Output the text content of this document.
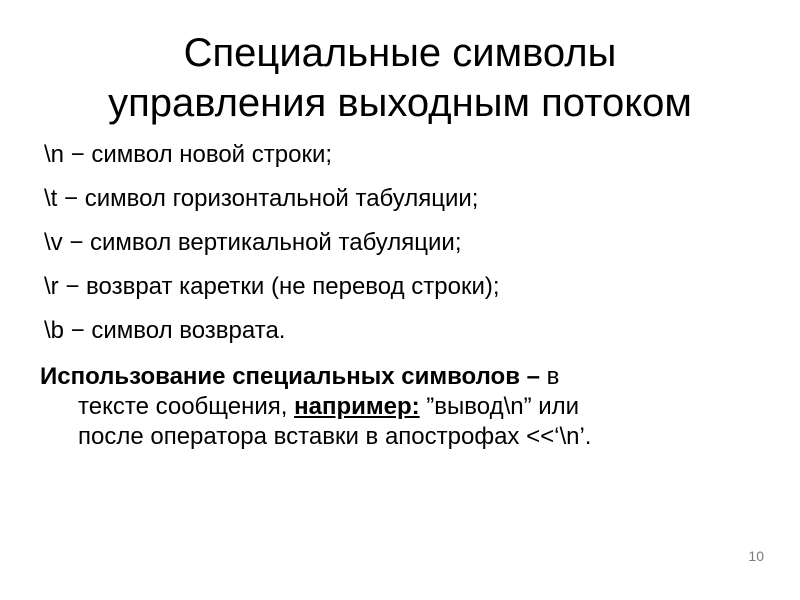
Специальные символы
управления выходным потоком
\n − символ новой строки;
\t − символ горизонтальной табуляции;
\v − символ вертикальной табуляции;
\r − возврат каретки (не перевод строки);
\b − символ возврата.
Использование специальных символов – в
тексте сообщения, например: ”вывод\n” или
после оператора вставки в апострофах <<‘\n’.
10
